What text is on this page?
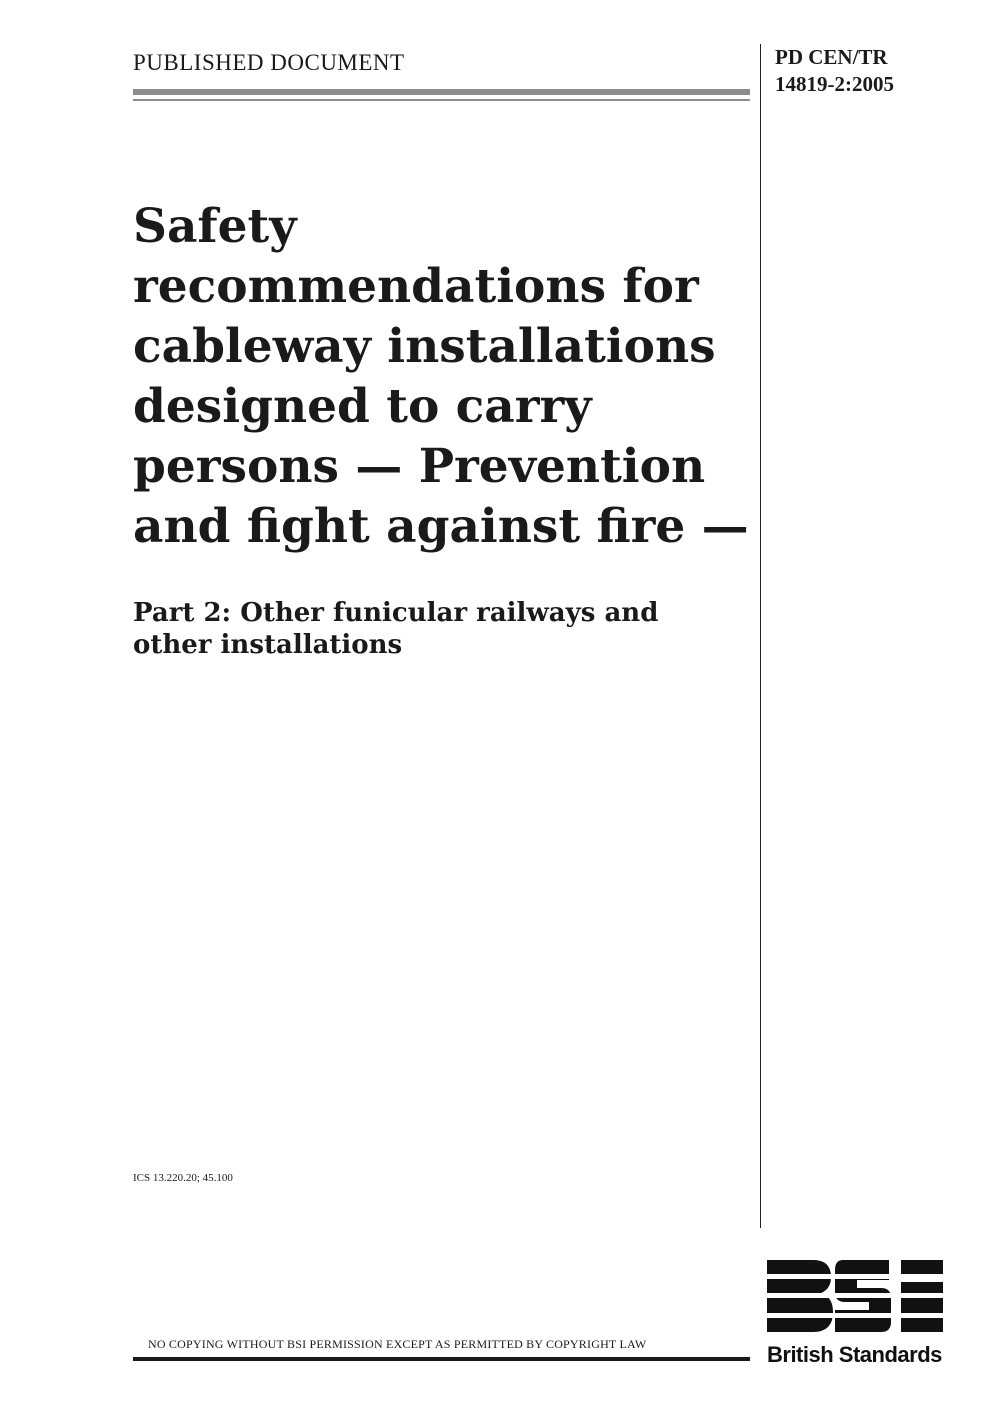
PUBLISHED DOCUMENT	PD CEN/TR
14819-2:2005
Safety
recommendations for
cableway installations
designed to carry
persons — Prevention
and fight against fire —
Part 2: Other funicular railways and
other installations
ICS 13.220.20; 45.100
NO COPYING WITHOUT BSI PERMISSION EXCEPT AS PERMITTED BY COPYRIGHT LAW	British Standards
